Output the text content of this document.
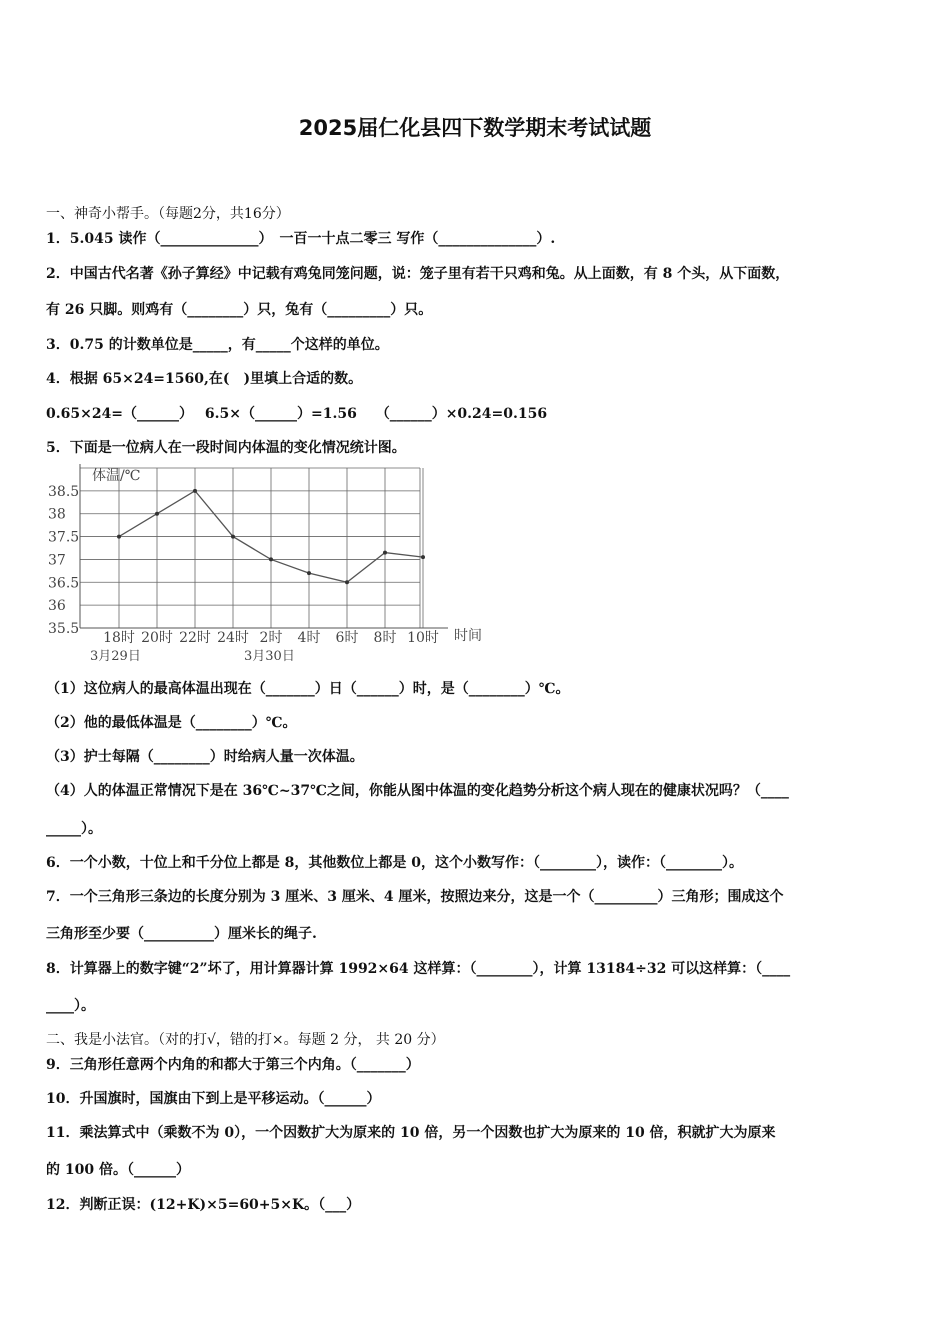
2025届仁化县四下数学期末考试试题
一、神奇小帮手。（每题2分，共16分）
1．5.045 读作（______________）　一百一十点二零三 写作（______________）.
2．中国古代名著《孙子算经》中记载有鸡兔同笼问题，说：笼子里有若干只鸡和兔。从上面数，有 8 个头，从下面数，
有 26 只脚。则鸡有（________）只，兔有（_________）只。
3．0.75 的计数单位是_____，有_____个这样的单位。
4．根据 65×24=1560,在(　)里填上合适的数。
0.65×24=（______）　 6.5×（______）=1.56　 （______）×0.24=0.156
5．下面是一位病人在一段时间内体温的变化情况统计图。
38.5
38
37.5
37
36.5
36
35.5
18时 20时 22时 24时 2时 4时 6时 8时 10时
体温/℃
时间
3月29日	3月30日
（1）这位病人的最高体温出现在（_______）日（______）时，是（________）℃。
（2）他的最低体温是（________）℃。
（3）护士每隔（________）时给病人量一次体温。
（4）人的体温正常情况下是在 36℃~37℃之间，你能从图中体温的变化趋势分析这个病人现在的健康状况吗？（____
_____）。
6．一个小数，十位上和千分位上都是 8，其他数位上都是 0，这个小数写作：（________），读作：（________）。
7．一个三角形三条边的长度分别为 3 厘米、3 厘米、4 厘米，按照边来分，这是一个（_________）三角形；围成这个
三角形至少要（__________）厘米长的绳子.
8．计算器上的数字键“2”坏了，用计算器计算 1992×64 这样算：（________），计算 13184÷32 可以这样算：（____
____）。
二、我是小法官。（对的打√，错的打×。每题 2 分， 共 20 分）
9．三角形任意两个内角的和都大于第三个内角。（_______）
10．升国旗时，国旗由下到上是平移运动。（______）
11．乘法算式中（乘数不为 0），一个因数扩大为原来的 10 倍，另一个因数也扩大为原来的 10 倍，积就扩大为原来
的 100 倍。（______）
12．判断正误：(12+K)×5=60+5×K。（___）
